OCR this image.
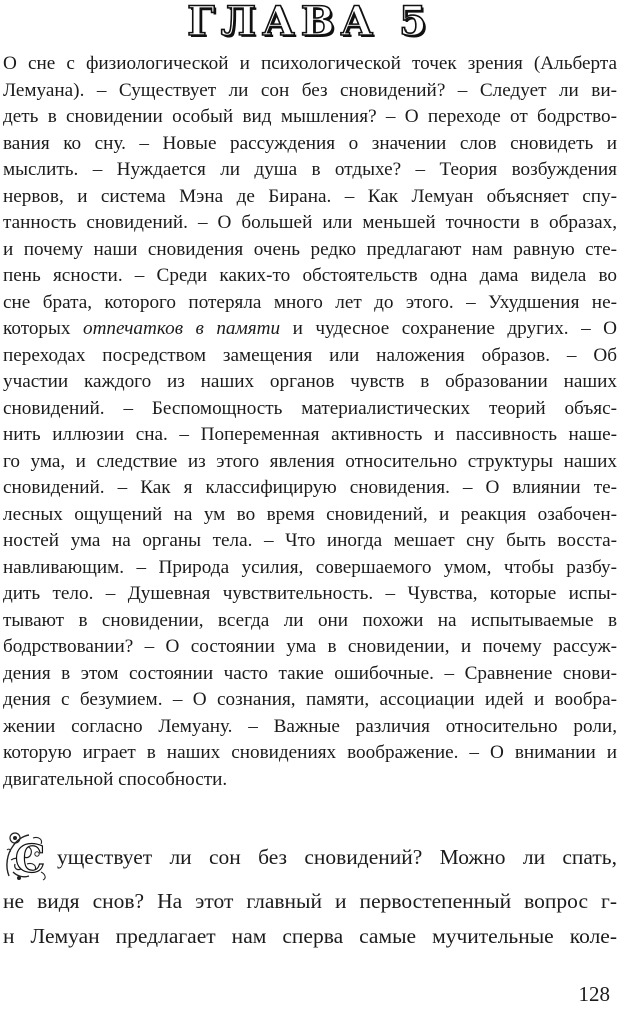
ГЛАВА 5
О сне с физиологической и психологической точек зрения (Альберта
Лемуана). – Существует ли сон без сновидений? – Следует ли ви-
деть в сновидении особый вид мышления? – О переходе от бодрство-
вания ко сну. – Новые рассуждения о значении слов сновидеть и
мыслить. – Нуждается ли душа в отдыхе? – Теория возбуждения
нервов, и система Мэна де Бирана. – Как Лемуан объясняет спу-
танность сновидений. – О большей или меньшей точности в образах,
и почему наши сновидения очень редко предлагают нам равную сте-
пень ясности. – Среди каких-то обстоятельств одна дама видела во
сне брата, которого потеряла много лет до этого. – Ухудшения не-
которых отпечатков в памяти и чудесное сохранение других. – О
переходах посредством замещения или наложения образов. – Об
участии каждого из наших органов чувств в образовании наших
сновидений. – Беспомощность материалистических теорий объяс-
нить иллюзии сна. – Попеременная активность и пассивность наше-
го ума, и следствие из этого явления относительно структуры наших
сновидений. – Как я классифицирую сновидения. – О влиянии те-
лесных ощущений на ум во время сновидений, и реакция озабочен-
ностей ума на органы тела. – Что иногда мешает сну быть восста-
навливающим. – Природа усилия, совершаемого умом, чтобы разбу-
дить тело. – Душевная чувствительность. – Чувства, которые испы-
тывают в сновидении, всегда ли они похожи на испытываемые в
бодрствовании? – О состоянии ума в сновидении, и почему рассуж-
дения в этом состоянии часто такие ошибочные. – Сравнение снови-
дения с безумием. – О сознания, памяти, ассоциации идей и вообра-
жении согласно Лемуану. – Важные различия относительно роли,
которую играет в наших сновидениях воображение. – О внимании и
двигательной способности.
С уществует ли сон без сновидений? Можно ли спать,
не видя снов? На этот главный и первостепенный вопрос г-
н Лемуан предлагает нам сперва самые мучительные коле-
128
